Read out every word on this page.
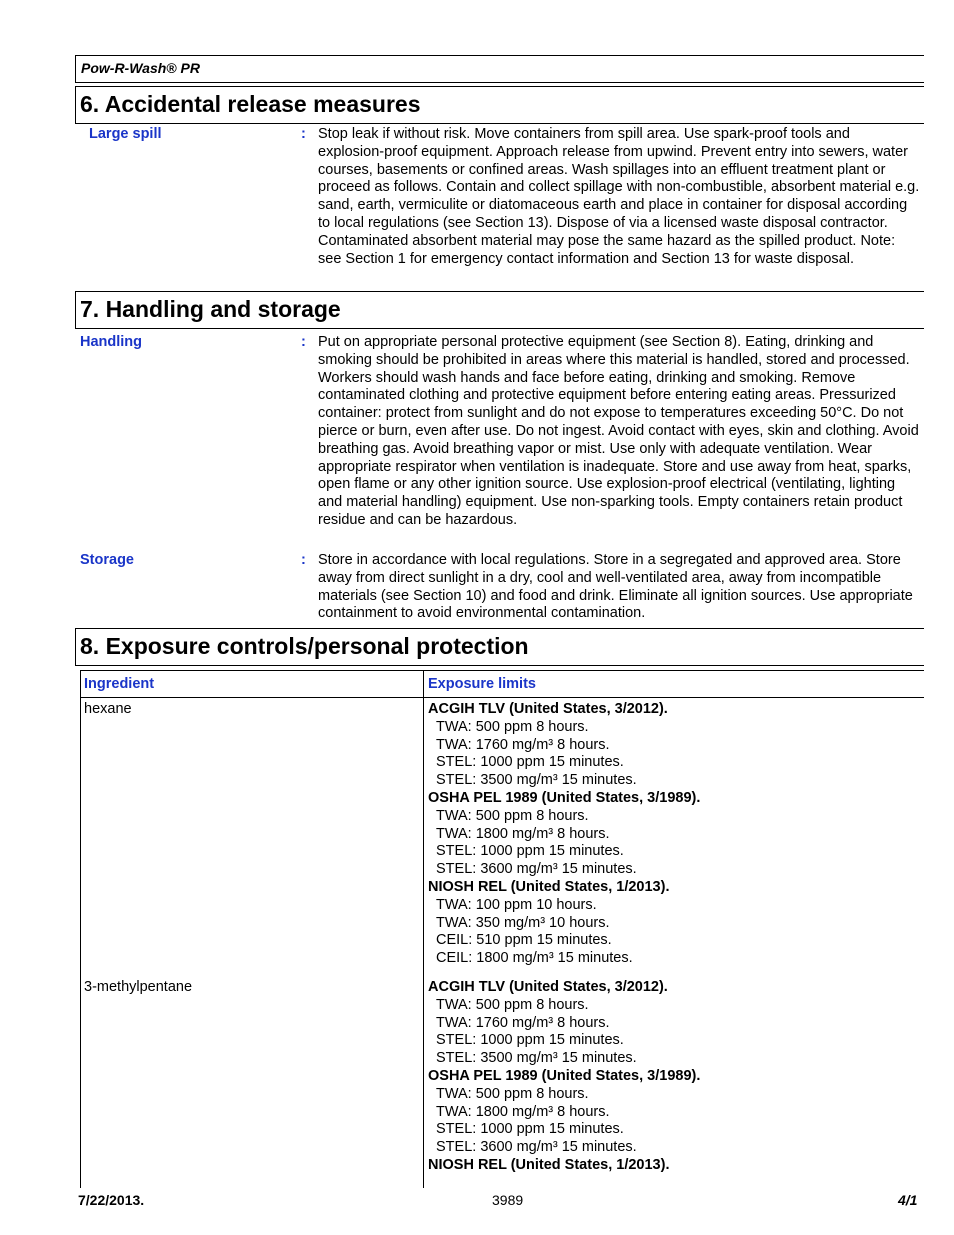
Pow-R-Wash® PR
6. Accidental release measures
Large spill	: Stop leak if without risk. Move containers from spill area. Use spark-proof tools and explosion-proof equipment. Approach release from upwind. Prevent entry into sewers, water courses, basements or confined areas. Wash spillages into an effluent treatment plant or proceed as follows. Contain and collect spillage with non-combustible, absorbent material e.g. sand, earth, vermiculite or diatomaceous earth and place in container for disposal according to local regulations (see Section 13). Dispose of via a licensed waste disposal contractor. Contaminated absorbent material may pose the same hazard as the spilled product. Note: see Section 1 for emergency contact information and Section 13 for waste disposal.
7. Handling and storage
Handling	: Put on appropriate personal protective equipment (see Section 8). Eating, drinking and smoking should be prohibited in areas where this material is handled, stored and processed. Workers should wash hands and face before eating, drinking and smoking. Remove contaminated clothing and protective equipment before entering eating areas. Pressurized container: protect from sunlight and do not expose to temperatures exceeding 50°C. Do not pierce or burn, even after use. Do not ingest. Avoid contact with eyes, skin and clothing. Avoid breathing gas. Avoid breathing vapor or mist. Use only with adequate ventilation. Wear appropriate respirator when ventilation is inadequate. Store and use away from heat, sparks, open flame or any other ignition source. Use explosion-proof electrical (ventilating, lighting and material handling) equipment. Use non-sparking tools. Empty containers retain product residue and can be hazardous.
Storage	: Store in accordance with local regulations. Store in a segregated and approved area. Store away from direct sunlight in a dry, cool and well-ventilated area, away from incompatible materials (see Section 10) and food and drink. Eliminate all ignition sources. Use appropriate containment to avoid environmental contamination.
8. Exposure controls/personal protection
Ingredient	Exposure limits
hexane	ACGIH TLV (United States, 3/2012).
TWA: 500 ppm 8 hours.
TWA: 1760 mg/m³ 8 hours.
STEL: 1000 ppm 15 minutes.
STEL: 3500 mg/m³ 15 minutes.
OSHA PEL 1989 (United States, 3/1989).
TWA: 500 ppm 8 hours.
TWA: 1800 mg/m³ 8 hours.
STEL: 1000 ppm 15 minutes.
STEL: 3600 mg/m³ 15 minutes.
NIOSH REL (United States, 1/2013).
TWA: 100 ppm 10 hours.
TWA: 350 mg/m³ 10 hours.
CEIL: 510 ppm 15 minutes.
CEIL: 1800 mg/m³ 15 minutes.
3-methylpentane	ACGIH TLV (United States, 3/2012).
TWA: 500 ppm 8 hours.
TWA: 1760 mg/m³ 8 hours.
STEL: 1000 ppm 15 minutes.
STEL: 3500 mg/m³ 15 minutes.
OSHA PEL 1989 (United States, 3/1989).
TWA: 500 ppm 8 hours.
TWA: 1800 mg/m³ 8 hours.
STEL: 1000 ppm 15 minutes.
STEL: 3600 mg/m³ 15 minutes.
NIOSH REL (United States, 1/2013).
7/22/2013.	3989	4/1
